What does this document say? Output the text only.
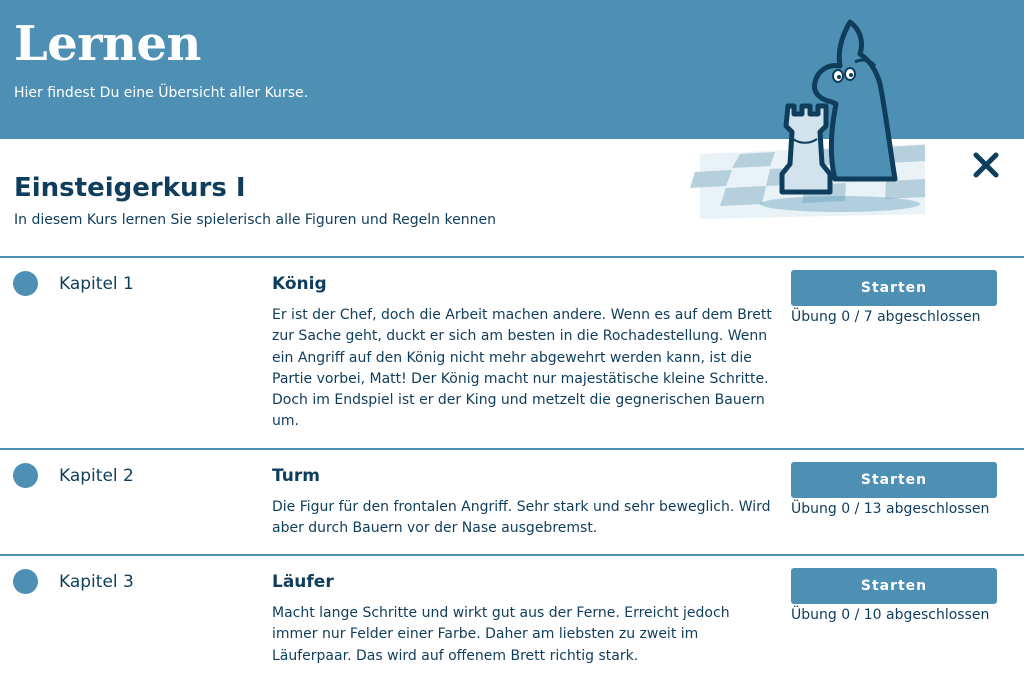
Lernen

Hier findest Du eine Übersicht aller Kurse.

Einsteigerkurs I

In diesem Kurs lernen Sie spielerisch alle Figuren und Regeln kennen

Kapitel 1	König

Er ist der Chef, doch die Arbeit machen andere. Wenn es auf dem Brett zur Sache geht, duckt er sich am besten in die Rochadestellung. Wenn ein Angriff auf den König nicht mehr abgewehrt werden kann, ist die Partie vorbei, Matt! Der König macht nur majestätische kleine Schritte. Doch im Endspiel ist er der King und metzelt die gegnerischen Bauern um.

Starten
Übung 0 / 7 abgeschlossen
Kapitel 2	Turm

Die Figur für den frontalen Angriff. Sehr stark und sehr beweglich. Wird aber durch Bauern vor der Nase ausgebremst.

Starten
Übung 0 / 13 abgeschlossen
Kapitel 3	Läufer

Macht lange Schritte und wirkt gut aus der Ferne. Erreicht jedoch immer nur Felder einer Farbe. Daher am liebsten zu zweit im Läuferpaar. Das wird auf offenem Brett richtig stark.

Starten
Übung 0 / 10 abgeschlossen
